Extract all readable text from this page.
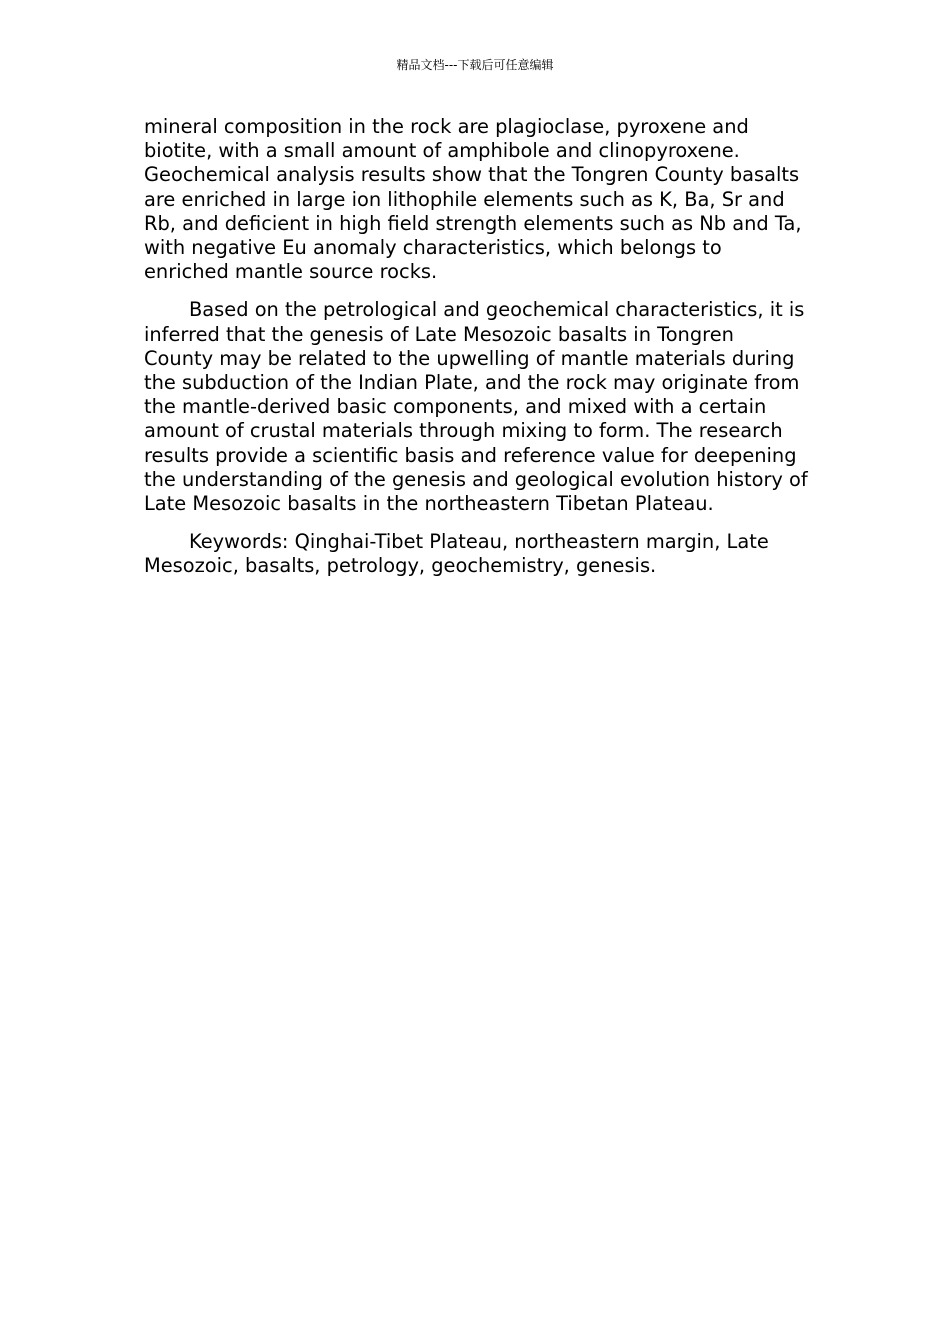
精品文档---下载后可任意编辑

mineral composition in the rock are plagioclase, pyroxene and biotite, with a small amount of amphibole and clinopyroxene. Geochemical analysis results show that the Tongren County basalts are enriched in large ion lithophile elements such as K, Ba, Sr and Rb, and deficient in high field strength elements such as Nb and Ta, with negative Eu anomaly characteristics, which belongs to enriched mantle source rocks.

Based on the petrological and geochemical characteristics, it is inferred that the genesis of Late Mesozoic basalts in Tongren County may be related to the upwelling of mantle materials during the subduction of the Indian Plate, and the rock may originate from the mantle-derived basic components, and mixed with a certain amount of crustal materials through mixing to form. The research results provide a scientific basis and reference value for deepening the understanding of the genesis and geological evolution history of Late Mesozoic basalts in the northeastern Tibetan Plateau.

Keywords: Qinghai-Tibet Plateau, northeastern margin, Late Mesozoic, basalts, petrology, geochemistry, genesis.
